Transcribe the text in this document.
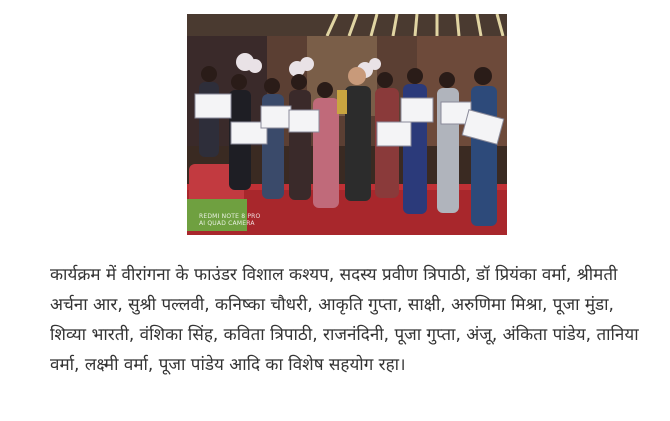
REDMI NOTE 8 PRO
AI QUAD CAMERA

कार्यक्रम में वीरांगना के फाउंडर विशाल कश्यप, सदस्य प्रवीण त्रिपाठी, डॉ प्रियंका वर्मा, श्रीमती अर्चना आर, सुश्री पल्लवी, कनिष्का चौधरी, आकृति गुप्ता, साक्षी, अरुणिमा मिश्रा, पूजा मुंडा, शिव्या भारती, वंशिका सिंह, कविता त्रिपाठी, राजनंदिनी, पूजा गुप्ता, अंजू, अंकिता पांडेय, तानिया वर्मा, लक्ष्मी वर्मा, पूजा पांडेय आदि का विशेष सहयोग रहा।
